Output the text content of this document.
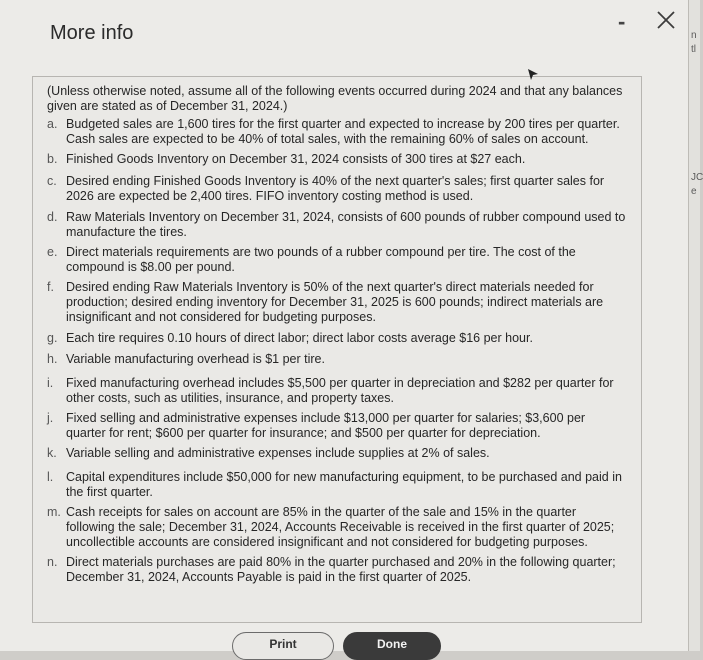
More info	-
(Unless otherwise noted, assume all of the following events occurred during 2024 and that any balances given are stated as of December 31, 2024.)
a. Budgeted sales are 1,600 tires for the first quarter and expected to increase by 200 tires per quarter. Cash sales are expected to be 40% of total sales, with the remaining 60% of sales on account.
b. Finished Goods Inventory on December 31, 2024 consists of 300 tires at $27 each.
c. Desired ending Finished Goods Inventory is 40% of the next quarter's sales; first quarter sales for 2026 are expected be 2,400 tires. FIFO inventory costing method is used.
d. Raw Materials Inventory on December 31, 2024, consists of 600 pounds of rubber compound used to manufacture the tires.
e. Direct materials requirements are two pounds of a rubber compound per tire. The cost of the compound is $8.00 per pound.
f. Desired ending Raw Materials Inventory is 50% of the next quarter's direct materials needed for production; desired ending inventory for December 31, 2025 is 600 pounds; indirect materials are insignificant and not considered for budgeting purposes.
g. Each tire requires 0.10 hours of direct labor; direct labor costs average $16 per hour.
h. Variable manufacturing overhead is $1 per tire.
i.	Fixed manufacturing overhead includes $5,500 per quarter in depreciation and $282 per quarter for other costs, such as utilities, insurance, and property taxes.
j.	Fixed selling and administrative expenses include $13,000 per quarter for salaries; $3,600 per quarter for rent; $600 per quarter for insurance; and $500 per quarter for depreciation.
k. Variable selling and administrative expenses include supplies at 2% of sales.
l.	Capital expenditures include $50,000 for new manufacturing equipment, to be purchased and paid in the first quarter.
m. Cash receipts for sales on account are 85% in the quarter of the sale and 15% in the quarter following the sale; December 31, 2024, Accounts Receivable is received in the first quarter of 2025; uncollectible accounts are considered insignificant and not considered for budgeting purposes.
n. Direct materials purchases are paid 80% in the quarter purchased and 20% in the following quarter; December 31, 2024, Accounts Payable is paid in the first quarter of 2025.
Print	Done
n
tl
JC
e
